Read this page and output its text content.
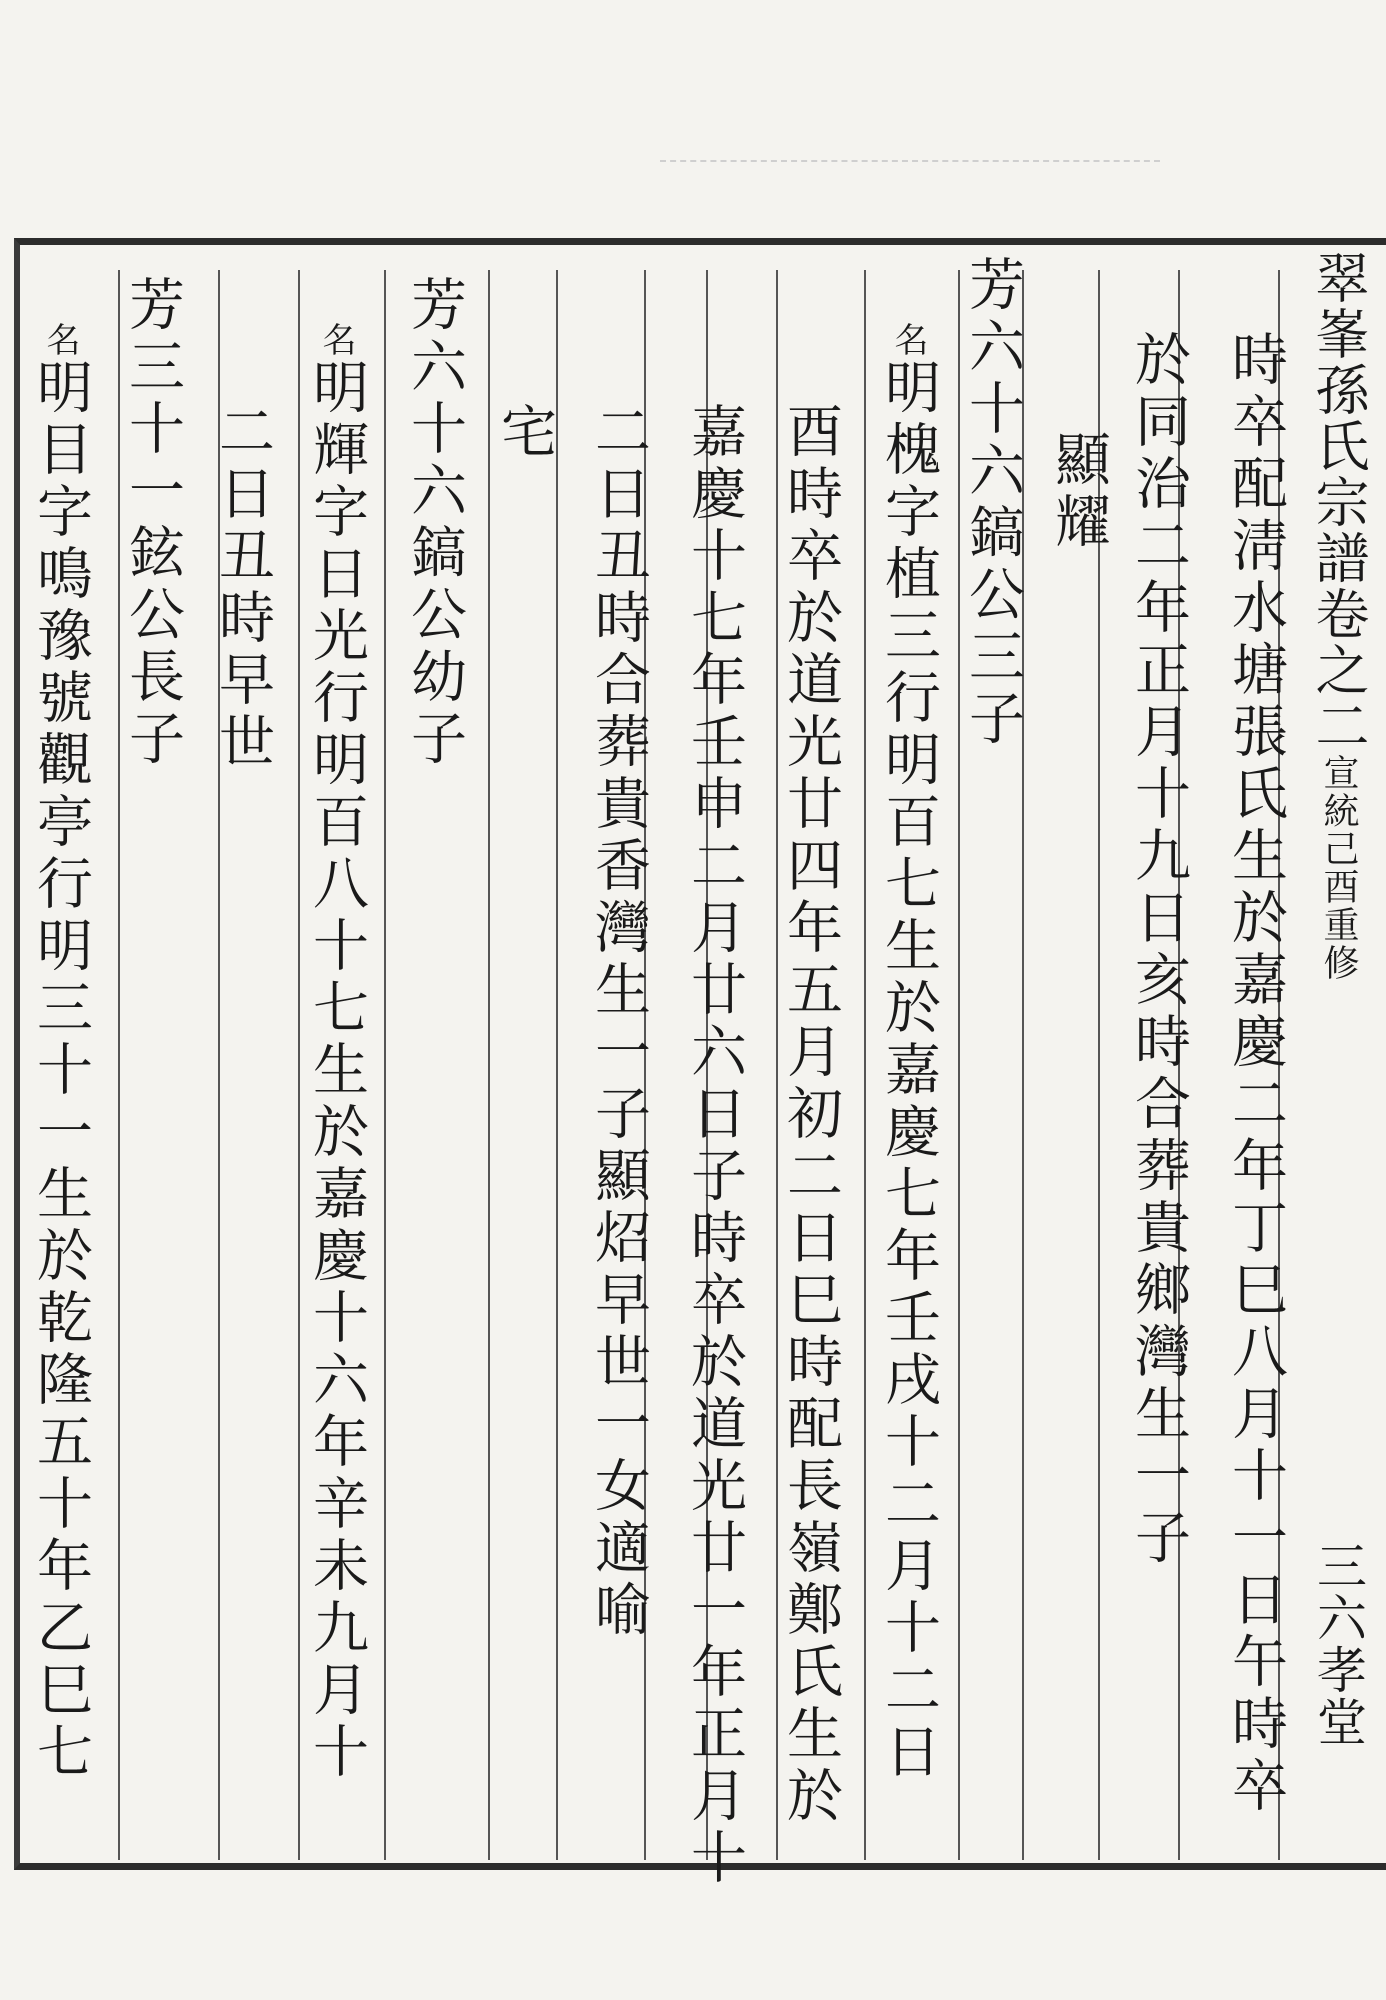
翠峯孫氏宗譜卷之二宣統己酉重修
三六孝堂
時卒配淸水塘張氏生於嘉慶二年丁巳八月十一日午時卒
於同治二年正月十九日亥時合葬貴鄉灣生一子
顯耀
芳六十六鎬公三子
名明槐字植三行明百七生於嘉慶七年壬戌十二月十二日
酉時卒於道光廿四年五月初二日巳時配長嶺鄭氏生於
嘉慶十七年壬申二月廿六日子時卒於道光廿一年正月十
二日丑時合葬貴香灣生一子顯炤早世一女適喻
宅
芳六十六鎬公幼子
名明輝字日光行明百八十七生於嘉慶十六年辛未九月十
二日丑時早世
芳三十一鉉公長子
名明目字鳴豫號觀亭行明三十一生於乾隆五十年乙巳七
